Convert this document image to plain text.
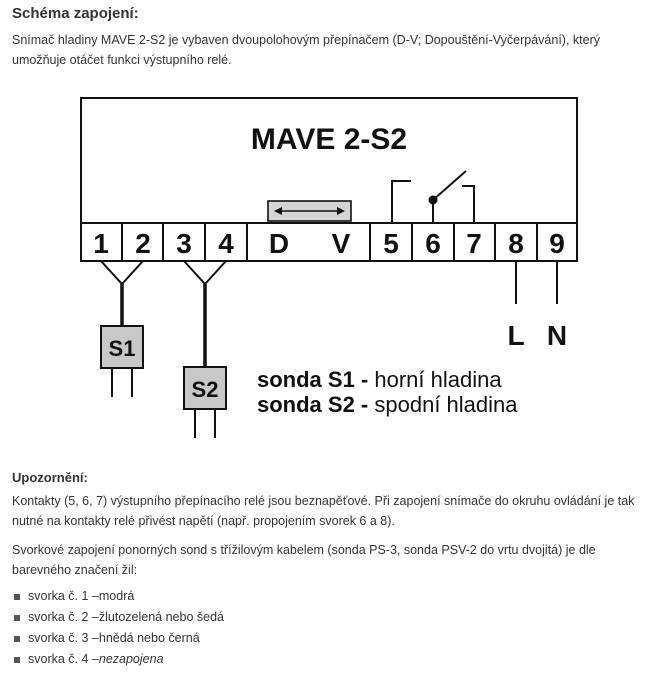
Schéma zapojení:

Snímač hladiny MAVE 2-S2 je vybaven dvoupolohovým přepínačem (D-V; Dopouštění-Vyčerpávání), který umožňuje otáčet funkci výstupního relé.

MAVE 2-S2
1 2 3 4 D V 5 6 7 8 9
S1
S2
L N
sonda S1 - horní hladina
sonda S2 - spodní hladina
Upozornění:

Kontakty (5, 6, 7) výstupního přepínacího relé jsou beznapěťové. Při zapojení snímače do okruhu ovládání je tak nutné na kontakty relé přivést napětí (např. propojením svorek 6 a 8).

Svorkové zapojení ponorných sond s třížilovým kabelem (sonda PS-3, sonda PSV-2 do vrtu dvojitá) je dle barevného značení žil:

svorka č. 1 – modrá
svorka č. 2 – žlutozelená nebo šedá
svorka č. 3 – hnědá nebo černá
svorka č. 4 – nezapojena
